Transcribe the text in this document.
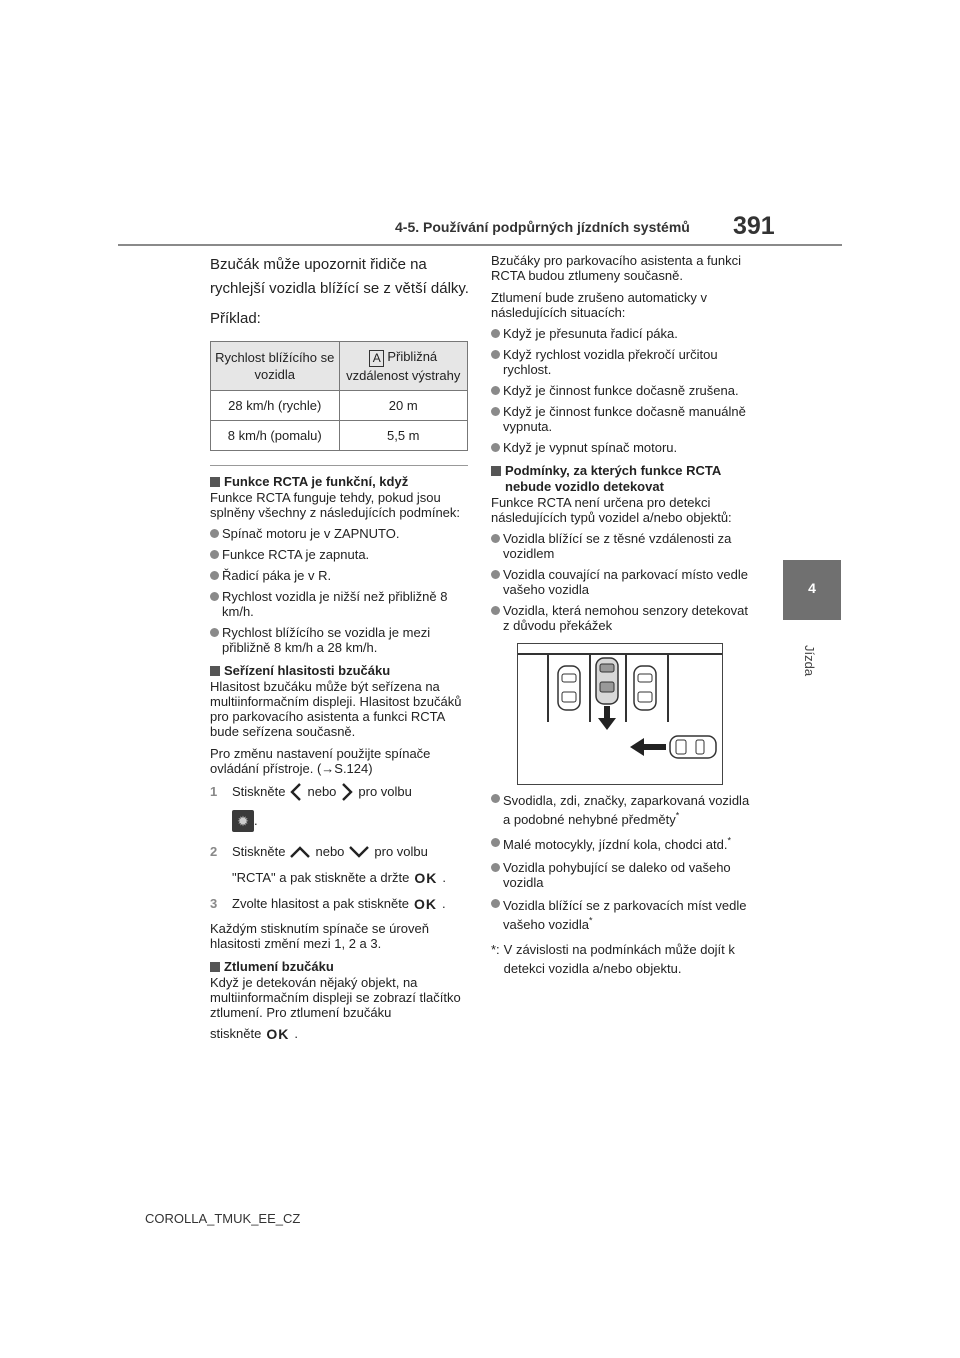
4-5. Používání podpůrných jízdních systémů 391
4
Jízda

Bzučák může upozornit řidiče na rychlejší vozidla blížící se z větší dálky.

Příklad:

Rychlost blížícího se vozidla	A Přibližná vzdálenost výstrahy
28 km/h (rychle)	20 m
8 km/h (pomalu)	5,5 m
Funkce RCTA je funkční, když

Funkce RCTA funguje tehdy, pokud jsou splněny všechny z následujících podmínek:

Spínač motoru je v ZAPNUTO.
Funkce RCTA je zapnuta.
Řadicí páka je v R.
Rychlost vozidla je nižší než přibližně 8 km/h.
Rychlost blížícího se vozidla je mezi přibližně 8 km/h a 28 km/h.
Seřízení hlasitosti bzučáku

Hlasitost bzučáku může být seřízena na multiinformačním displeji. Hlasitost bzučáků pro parkovacího asistenta a funkci RCTA bude seřízena současně.

Pro změnu nastavení použijte spínače ovládání přístroje. (→S.124)

1 Stiskněte nebo pro volbu
✹ .
2 Stiskněte nebo pro volbu
"RCTA" a pak stiskněte a držte OK .
3 Zvolte hlasitost a pak stiskněte OK .

Každým stisknutím spínače se úroveň hlasitosti změní mezi 1, 2 a 3.

Ztlumení bzučáku

Když je detekován nějaký objekt, na multiinformačním displeji se zobrazí tlačítko ztlumení. Pro ztlumení bzučáku

stiskněte OK .

Bzučáky pro parkovacího asistenta a funkci RCTA budou ztlumeny současně.

Ztlumení bude zrušeno automaticky v následujících situacích:

Když je přesunuta řadicí páka.
Když rychlost vozidla překročí určitou rychlost.
Když je činnost funkce dočasně zrušena.
Když je činnost funkce dočasně manuálně vypnuta.
Když je vypnut spínač motoru.
Podmínky, za kterých funkce RCTA nebude vozidlo detekovat

Funkce RCTA není určena pro detekci následujících typů vozidel a/nebo objektů:

Vozidla blížící se z těsné vzdálenosti za vozidlem
Vozidla couvající na parkovací místo vedle vašeho vozidla
Vozidla, která nemohou senzory detekovat z důvodu překážek
Svodidla, zdi, značky, zaparkovaná vozidla a podobné nehybné předměty*
Malé motocykly, jízdní kola, chodci atd.*
Vozidla pohybující se daleko od vašeho vozidla
Vozidla blížící se z parkovacích míst vedle vašeho vozidla*
*: V závislosti na podmínkách může dojít k detekci vozidla a/nebo objektu.
COROLLA_TMUK_EE_CZ
